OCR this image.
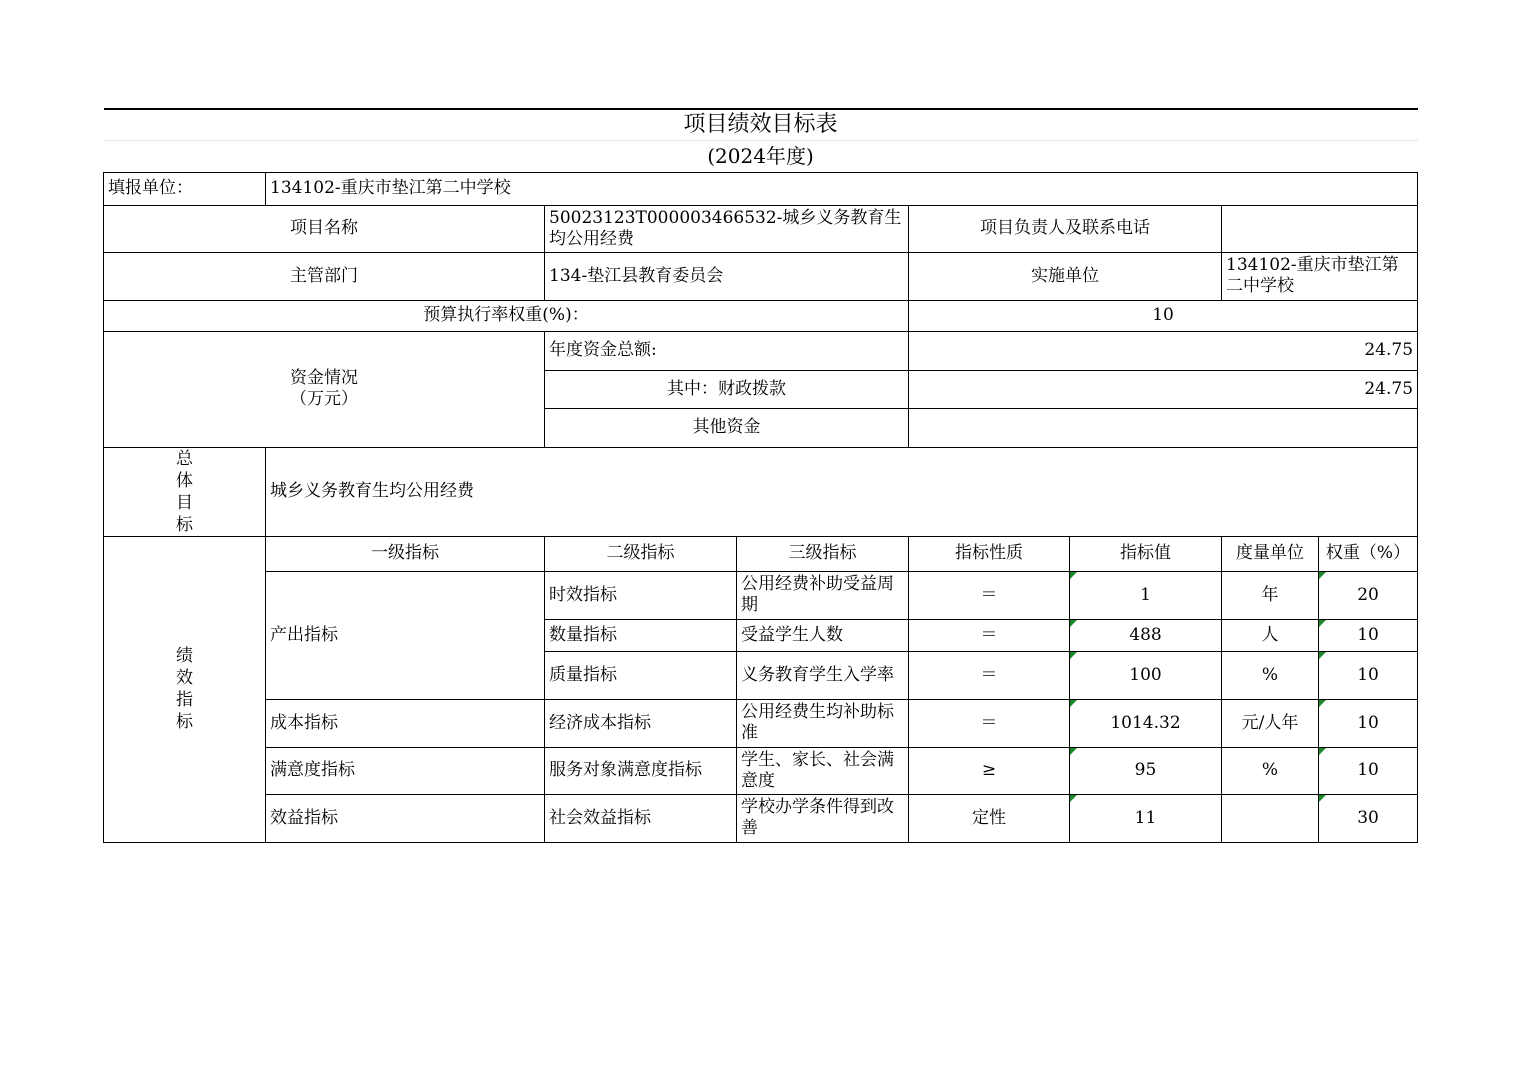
项目绩效目标表							
(2024年度)							
填报单位：	134102-重庆市垫江第二中学校						
项目名称		50023123T000003466532-城乡义务教育生均公用经费		项目负责人及联系电话			
主管部门		134-垫江县教育委员会		实施单位		134102-重庆市垫江第二中学校	
预算执行率权重(%)：				10			
资金情况
（万元）		年度资金总额:		24.75			
		其中：财政拨款		24.75			
		其他资金					

总
体
目
标	城乡义务教育生均公用经费						

绩
效
指
标	一级指标	二级指标	三级指标	指标性质	指标值	度量单位	权重（%）
	产出指标	时效指标	公用经费补助受益周期	＝	1	年	20
		数量指标	受益学生人数	＝	488	人	10
		质量指标	义务教育学生入学率	＝	100	%	10
	成本指标	经济成本指标	公用经费生均补助标准	＝	1014.32	元/人年	10
	满意度指标	服务对象满意度指标	学生、家长、社会满意度	≥	95	%	10
	效益指标	社会效益指标	学校办学条件得到改善	定性	11		30
